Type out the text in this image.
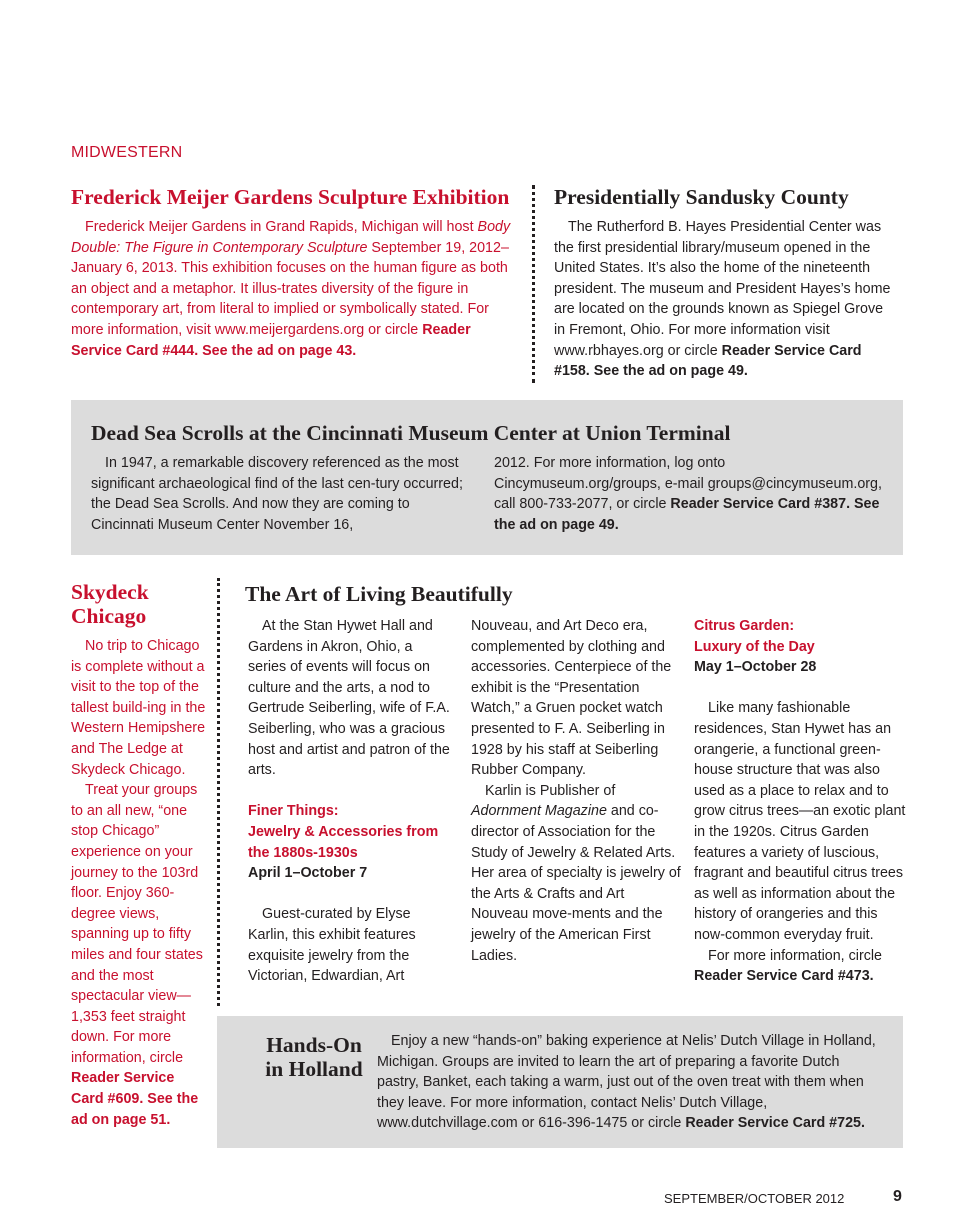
MIDWESTERN
Frederick Meijer Gardens Sculpture Exhibition

Frederick Meijer Gardens in Grand Rapids, Michigan will host Body Double: The Figure in Contemporary Sculpture September 19, 2012–January 6, 2013. This exhibition focuses on the human figure as both an object and a metaphor. It illus-trates diversity of the figure in contemporary art, from literal to implied or symbolically stated. For more information, visit www.meijergardens.org or circle Reader Service Card #444. See the ad on page 43.

Presidentially Sandusky County

The Rutherford B. Hayes Presidential Center was the first presidential library/museum opened in the United States. It’s also the home of the nineteenth president. The museum and President Hayes’s home are located on the grounds known as Spiegel Grove in Fremont, Ohio. For more information visit www.rbhayes.org or circle Reader Service Card #158. See the ad on page 49.

Dead Sea Scrolls at the Cincinnati Museum Center at Union Terminal

In 1947, a remarkable discovery referenced as the most significant archaeological find of the last cen-tury occurred; the Dead Sea Scrolls. And now they are coming to Cincinnati Museum Center November 16,

2012. For more information, log onto Cincymuseum.org/groups, e-mail groups@cincymuseum.org, call 800-733-2077, or circle Reader Service Card #387. See the ad on page 49.

Skydeck Chicago

No trip to Chicago is complete without a visit to the top of the tallest build-ing in the Western Hemipshere and The Ledge at Skydeck Chicago.

Treat your groups to an all new, “one stop Chicago” experience on your journey to the 103rd floor. Enjoy 360-degree views, spanning up to fifty miles and four states and the most spectacular view—1,353 feet straight down. For more information, circle Reader Service Card #609. See the ad on page 51.

The Art of Living Beautifully

At the Stan Hywet Hall and Gardens in Akron, Ohio, a series of events will focus on culture and the arts, a nod to Gertrude Seiberling, wife of F.A. Seiberling, who was a gracious host and artist and patron of the arts.

Finer Things:
Jewelry & Accessories from the 1880s-1930s
April 1–October 7

Guest-curated by Elyse Karlin, this exhibit features exquisite jewelry from the Victorian, Edwardian, Art

Nouveau, and Art Deco era, complemented by clothing and accessories. Centerpiece of the exhibit is the “Presentation Watch,” a Gruen pocket watch presented to F. A. Seiberling in 1928 by his staff at Seiberling Rubber Company.

Karlin is Publisher of Adornment Magazine and co-director of Association for the Study of Jewelry & Related Arts. Her area of specialty is jewelry of the Arts & Crafts and Art Nouveau move-ments and the jewelry of the American First Ladies.

Citrus Garden:
Luxury of the Day
May 1–October 28

Like many fashionable residences, Stan Hywet has an orangerie, a functional green-house structure that was also used as a place to relax and to grow citrus trees—an exotic plant in the 1920s. Citrus Garden features a variety of luscious, fragrant and beautiful citrus trees as well as information about the history of orangeries and this now-common everyday fruit.

For more information, circle Reader Service Card #473.

Hands-On
in Holland

Enjoy a new “hands-on” baking experience at Nelis’ Dutch Village in Holland, Michigan. Groups are invited to learn the art of preparing a favorite Dutch pastry, Banket, each taking a warm, just out of the oven treat with them when they leave. For more information, contact Nelis’ Dutch Village, www.dutchvillage.com or 616-396-1475 or circle Reader Service Card #725.

SEPTEMBER/OCTOBER 2012	9
